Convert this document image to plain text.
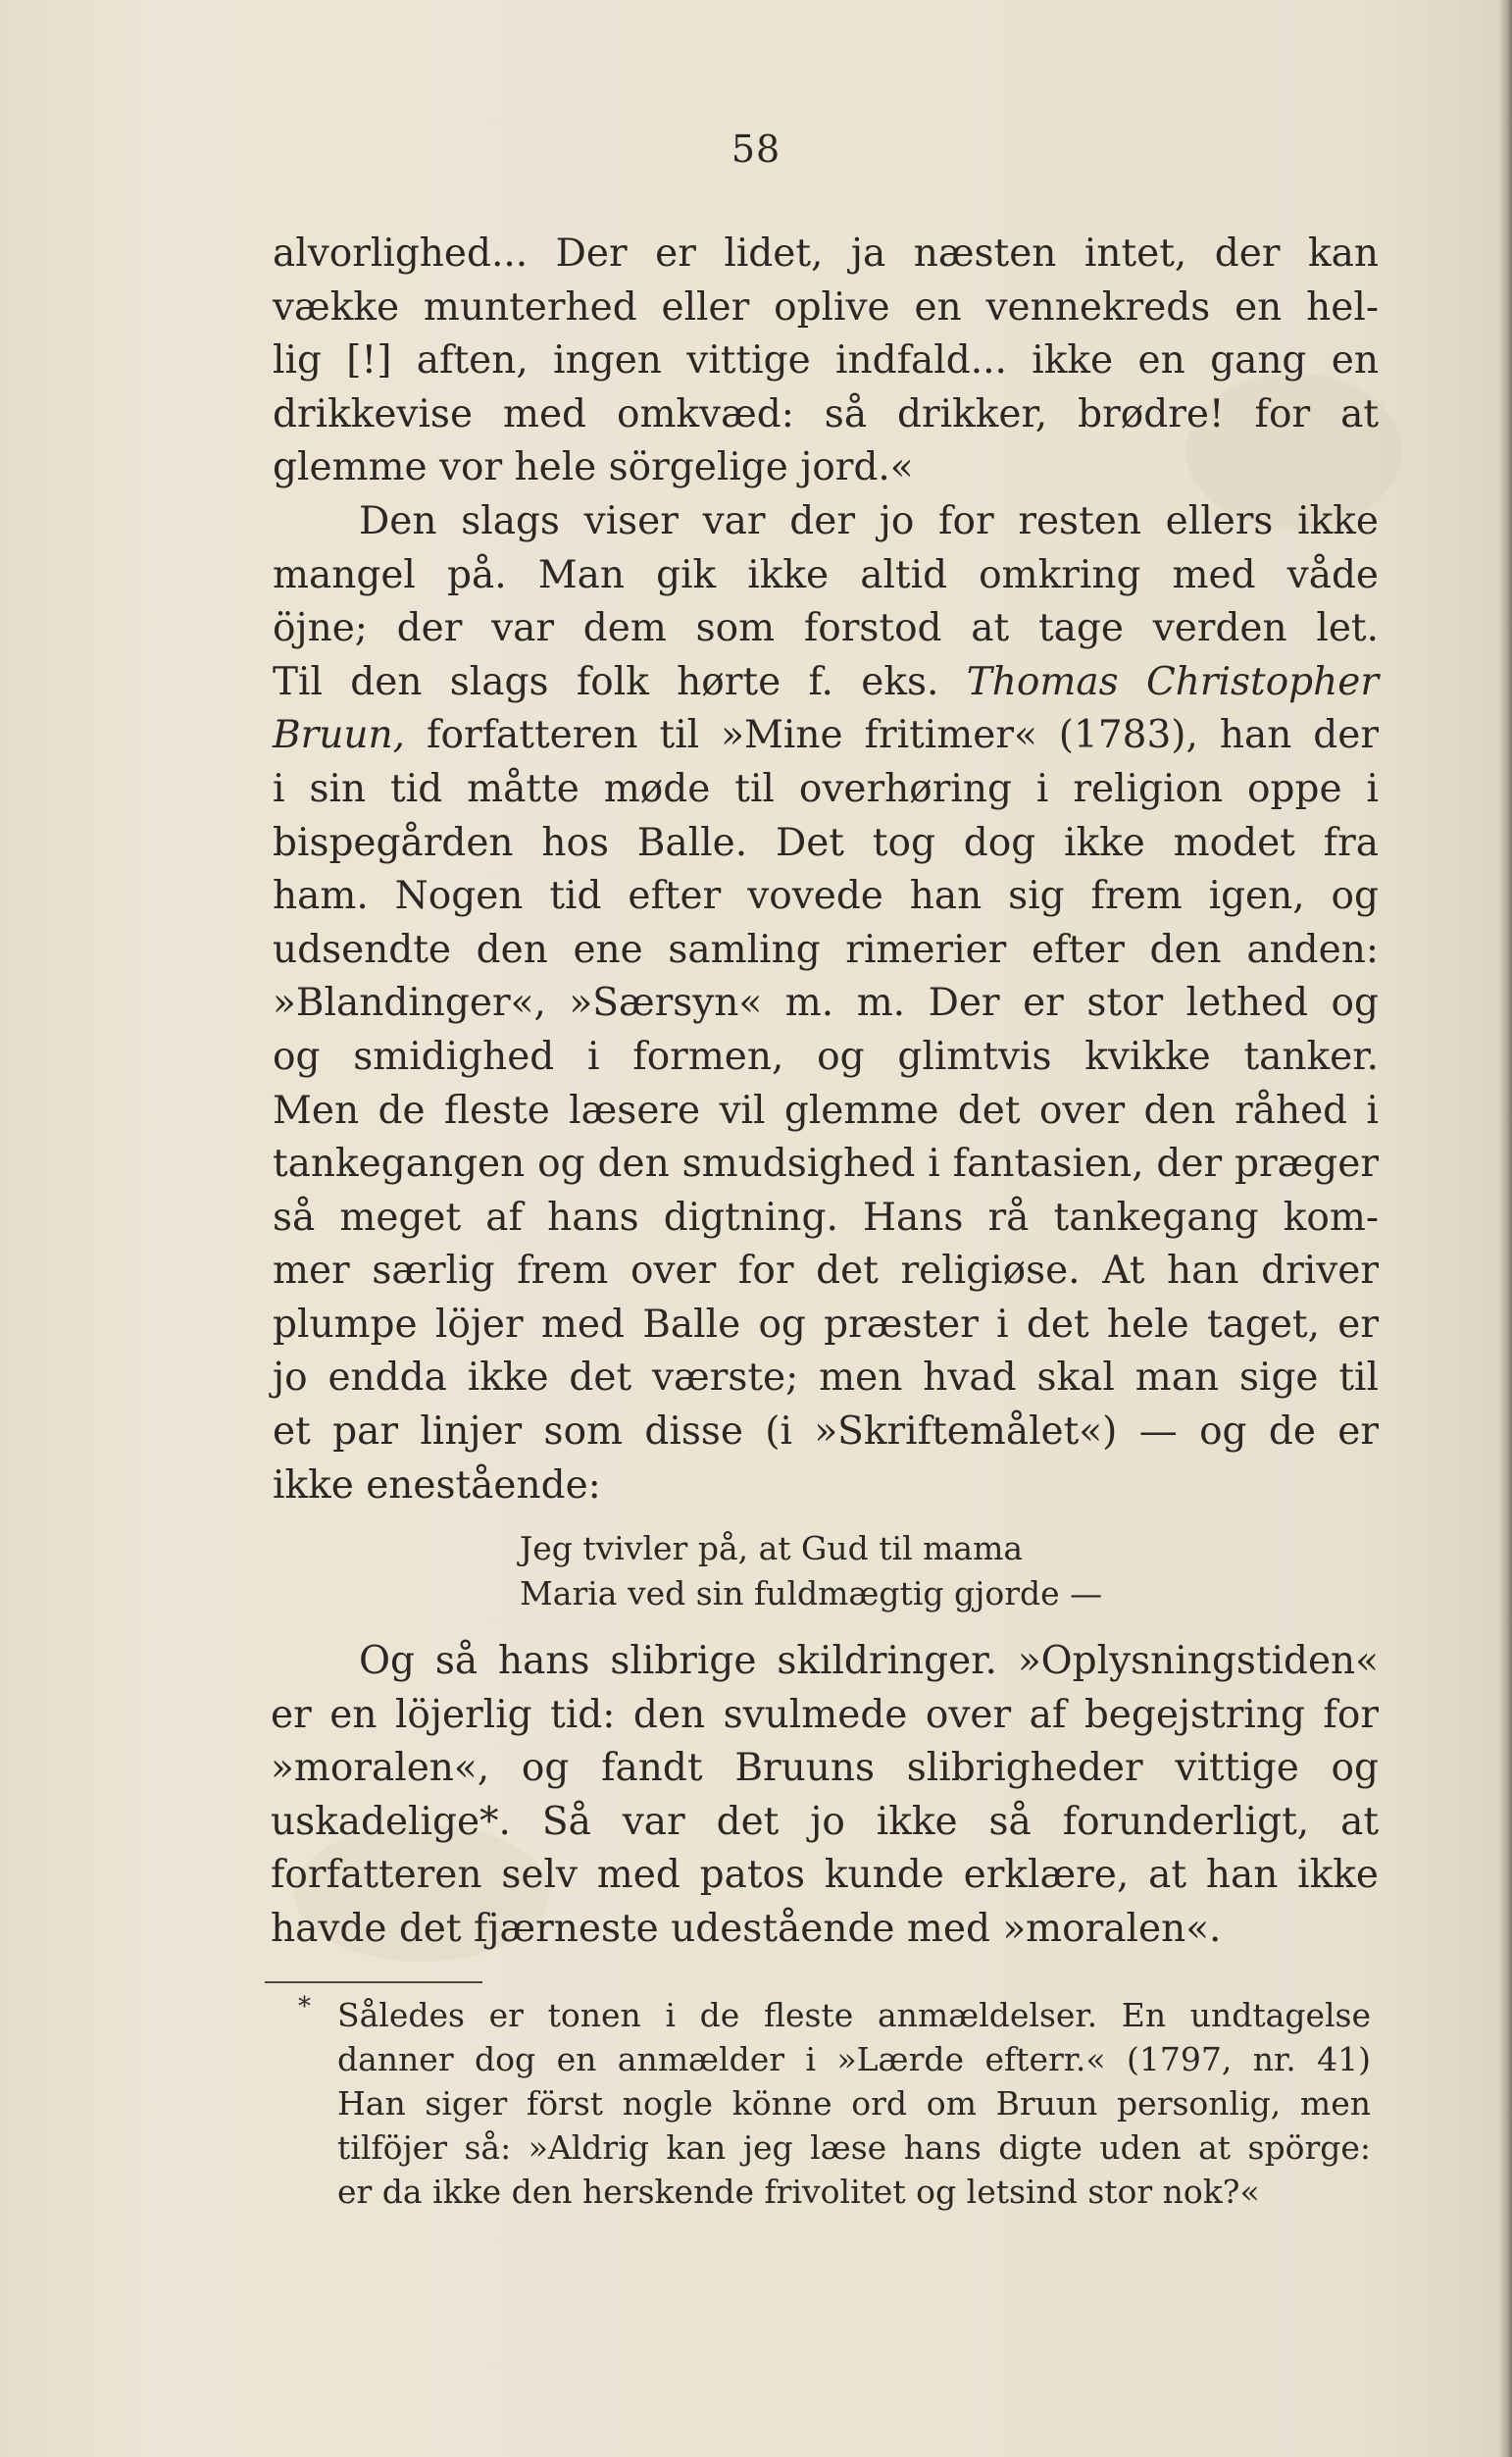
58

alvorlighed... Der er lidet, ja næsten intet, der kan
vække munterhed eller oplive en vennekreds en hel-
lig [!] aften, ingen vittige indfald... ikke en gang en
drikkevise med omkvæd: så drikker, brødre! for at
glemme vor hele sörgelige jord.«

Den slags viser var der jo for resten ellers ikke
mangel på. Man gik ikke altid omkring med våde
öjne; der var dem som forstod at tage verden let.
Til den slags folk hørte f. eks. Thomas Christopher
Bruun, forfatteren til »Mine fritimer« (1783), han der
i sin tid måtte møde til overhøring i religion oppe i
bispegården hos Balle. Det tog dog ikke modet fra
ham. Nogen tid efter vovede han sig frem igen, og
udsendte den ene samling rimerier efter den anden:
»Blandinger«, »Særsyn« m. m. Der er stor lethed og
og smidighed i formen, og glimtvis kvikke tanker.
Men de fleste læsere vil glemme det over den råhed i
tankegangen og den smudsighed i fantasien, der præger
så meget af hans digtning. Hans rå tankegang kom-
mer særlig frem over for det religiøse. At han driver
plumpe löjer med Balle og præster i det hele taget, er
jo endda ikke det værste; men hvad skal man sige til
et par linjer som disse (i »Skriftemålet«) — og de er
ikke enestående:

Jeg tvivler på, at Gud til mama
Maria ved sin fuldmægtig gjorde —
Og så hans slibrige skildringer. »Oplysningstiden«
er en löjerlig tid: den svulmede over af begejstring for
»moralen«, og fandt Bruuns slibrigheder vittige og
uskadelige*. Så var det jo ikke så forunderligt, at
forfatteren selv med patos kunde erklære, at han ikke
havde det fjærneste udestående med »moralen«.
* Således er tonen i de fleste anmældelser. En undtagelse
danner dog en anmælder i »Lærde efterr.« (1797, nr. 41)
Han siger först nogle könne ord om Bruun personlig, men
tilföjer så: »Aldrig kan jeg læse hans digte uden at spörge:
er da ikke den herskende frivolitet og letsind stor nok?«
